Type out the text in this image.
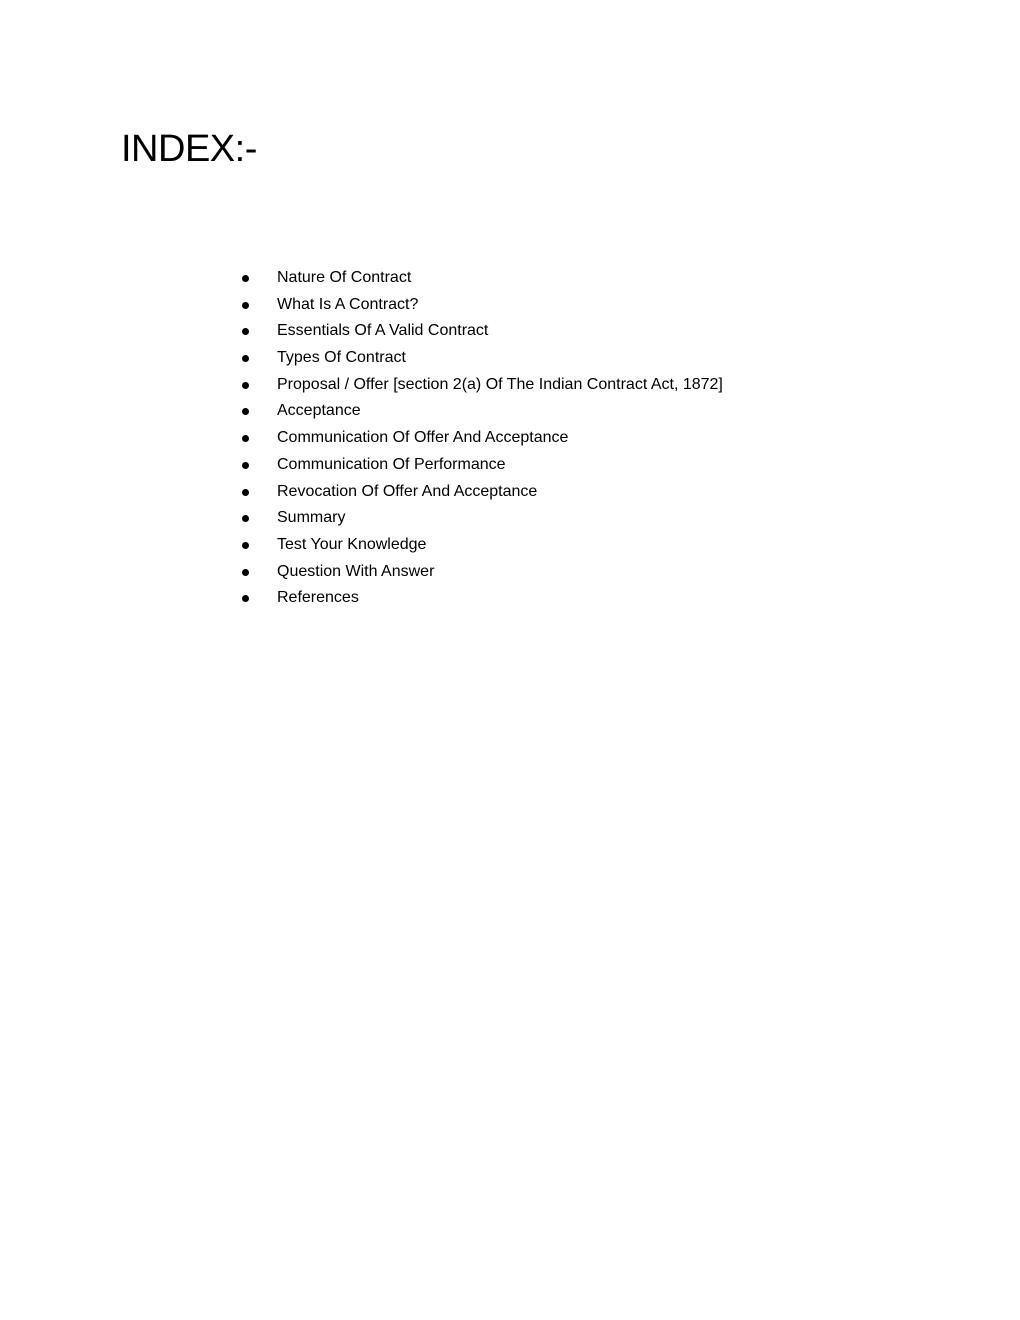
INDEX:-
Nature Of Contract
What Is A Contract?
Essentials Of A Valid Contract
Types Of Contract
Proposal / Offer [section 2(a) Of The Indian Contract Act, 1872]
Acceptance
Communication Of Offer And Acceptance
Communication Of Performance
Revocation Of Offer And Acceptance
Summary
Test Your Knowledge
Question With Answer
References
